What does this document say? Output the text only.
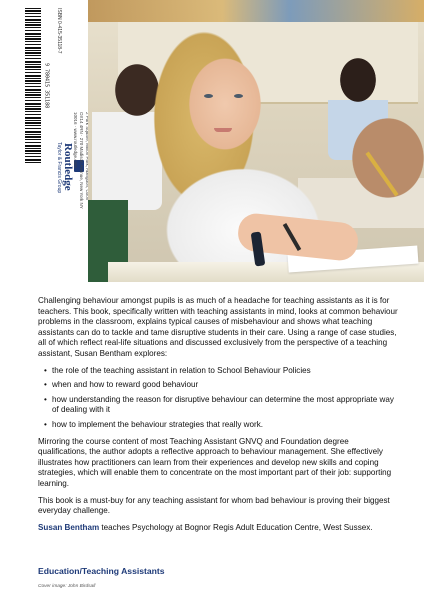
9 780415 351188
ISBN 0-415-35118-7
Routledge
Taylor & Francis Group
OX14 4RN · 270 Madison Avenue, New York NY 10016 · www.routledge.com

Challenging behaviour amongst pupils is as much of a headache for teaching assistants as it is for teachers. This book, specifically written with teaching assistants in mind, looks at common behaviour problems in the classroom, explains typical causes of misbehaviour and shows what teaching assistants can do to tackle and tame disruptive students in their care. Using a range of case studies, all of which reflect real-life situations and discussed exclusively from the perspective of a teaching assistant, Susan Bentham explores:

• the role of the teaching assistant in relation to School Behaviour Policies
• when and how to reward good behaviour
• how understanding the reason for disruptive behaviour can determine the most appropriate way of dealing with it
• how to implement the behaviour strategies that really work.

Mirroring the course content of most Teaching Assistant GNVQ and Foundation degree qualifications, the author adopts a reflective approach to behaviour management. She effectively illustrates how practitioners can learn from their experiences and develop new skills and coping strategies, which will enable them to concentrate on the most important part of their job: supporting learning.

This book is a must-buy for any teaching assistant for whom bad behaviour is proving their biggest everyday challenge.

Susan Bentham teaches Psychology at Bognor Regis Adult Education Centre, West Sussex.

Education/Teaching Assistants
Cover image: John Birdsall
